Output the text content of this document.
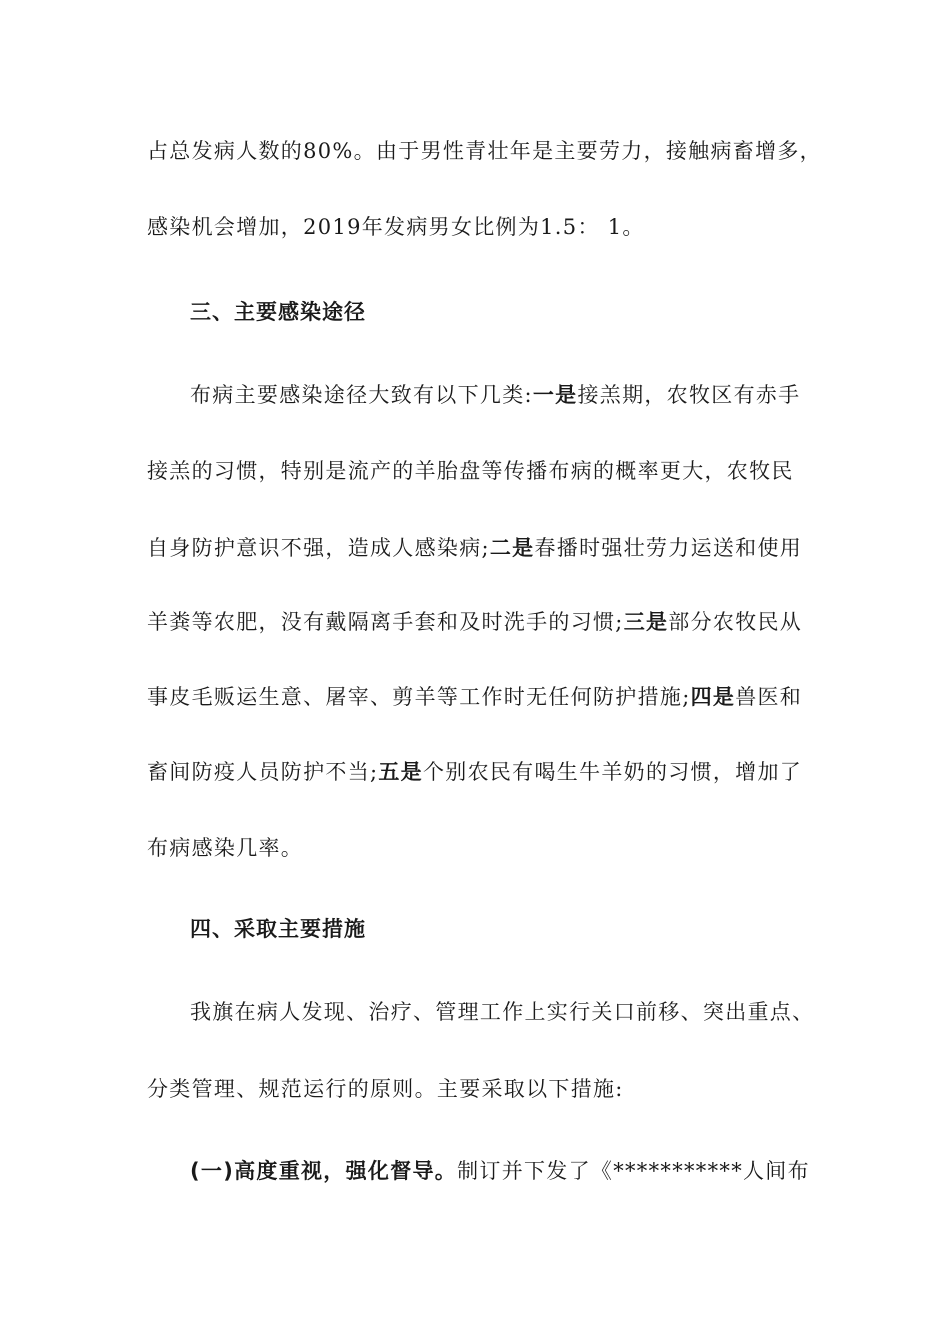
占总发病人数的80%。由于男性青壮年是主要劳力，接触病畜增多，
感染机会增加，2019年发病男女比例为1.5： 1。
三、主要感染途径
布病主要感染途径大致有以下几类:一是接羔期，农牧区有赤手
接羔的习惯，特别是流产的羊胎盘等传播布病的概率更大，农牧民
自身防护意识不强，造成人感染病;二是春播时强壮劳力运送和使用
羊粪等农肥，没有戴隔离手套和及时洗手的习惯;三是部分农牧民从
事皮毛贩运生意、屠宰、剪羊等工作时无任何防护措施;四是兽医和
畜间防疫人员防护不当;五是个别农民有喝生牛羊奶的习惯，增加了
布病感染几率。
四、采取主要措施
我旗在病人发现、治疗、管理工作上实行关口前移、突出重点、
分类管理、规范运行的原则。主要采取以下措施:
(一)高度重视，强化督导。制订并下发了《***********人间布
